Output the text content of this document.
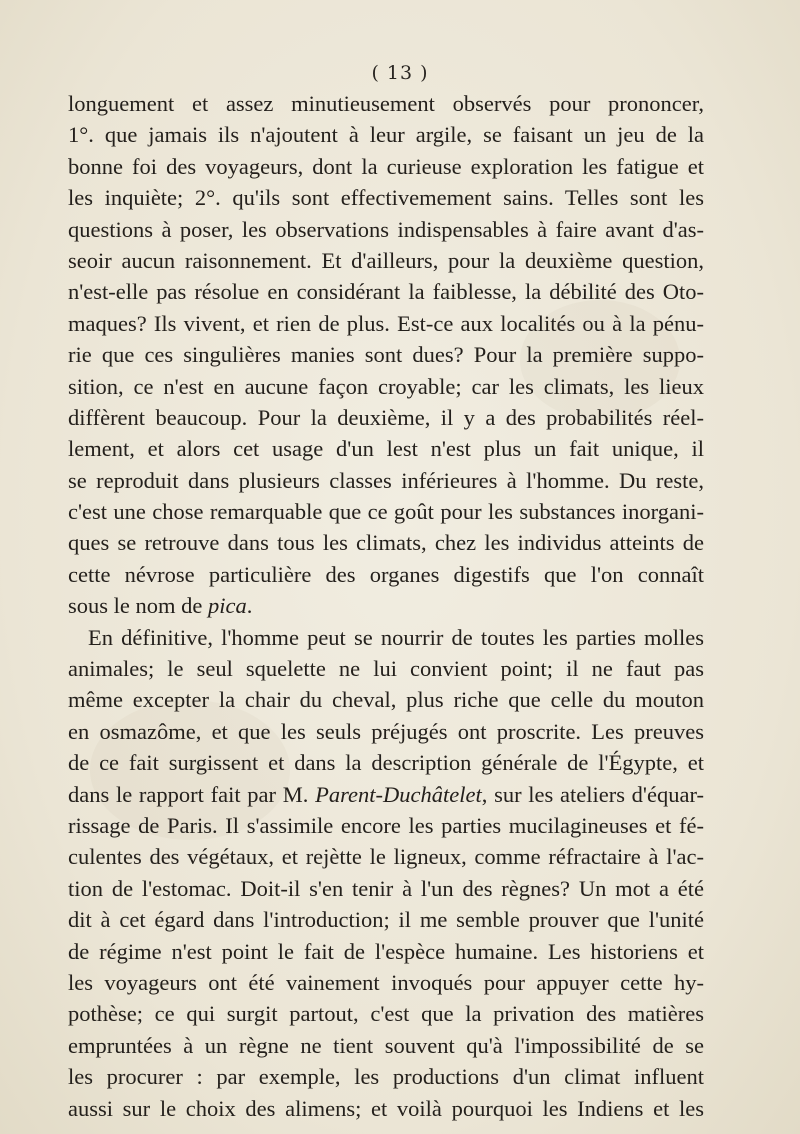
( 13 )
longuement et assez minutieusement observés pour prononcer,
1°. que jamais ils n'ajoutent à leur argile, se faisant un jeu de la
bonne foi des voyageurs, dont la curieuse exploration les fatigue et
les inquiète; 2°. qu'ils sont effectivemement sains. Telles sont les
questions à poser, les observations indispensables à faire avant d'as-
seoir aucun raisonnement. Et d'ailleurs, pour la deuxième question,
n'est-elle pas résolue en considérant la faiblesse, la débilité des Oto-
maques? Ils vivent, et rien de plus. Est-ce aux localités ou à la pénu-
rie que ces singulières manies sont dues? Pour la première suppo-
sition, ce n'est en aucune façon croyable; car les climats, les lieux
diffèrent beaucoup. Pour la deuxième, il y a des probabilités réel-
lement, et alors cet usage d'un lest n'est plus un fait unique, il
se reproduit dans plusieurs classes inférieures à l'homme. Du reste,
c'est une chose remarquable que ce goût pour les substances inorgani-
ques se retrouve dans tous les climats, chez les individus atteints de
cette névrose particulière des organes digestifs que l'on connaît
sous le nom de pica.
En définitive, l'homme peut se nourrir de toutes les parties molles
animales; le seul squelette ne lui convient point; il ne faut pas
même excepter la chair du cheval, plus riche que celle du mouton
en osmazôme, et que les seuls préjugés ont proscrite. Les preuves
de ce fait surgissent et dans la description générale de l'Égypte, et
dans le rapport fait par M. Parent-Duchâtelet, sur les ateliers d'équar-
rissage de Paris. Il s'assimile encore les parties mucilagineuses et fé-
culentes des végétaux, et rejètte le ligneux, comme réfractaire à l'ac-
tion de l'estomac. Doit-il s'en tenir à l'un des règnes? Un mot a été
dit à cet égard dans l'introduction; il me semble prouver que l'unité
de régime n'est point le fait de l'espèce humaine. Les historiens et
les voyageurs ont été vainement invoqués pour appuyer cette hy-
pothèse; ce qui surgit partout, c'est que la privation des matières
empruntées à un règne ne tient souvent qu'à l'impossibilité de se
les procurer : par exemple, les productions d'un climat influent
aussi sur le choix des alimens; et voilà pourquoi les Indiens et les
